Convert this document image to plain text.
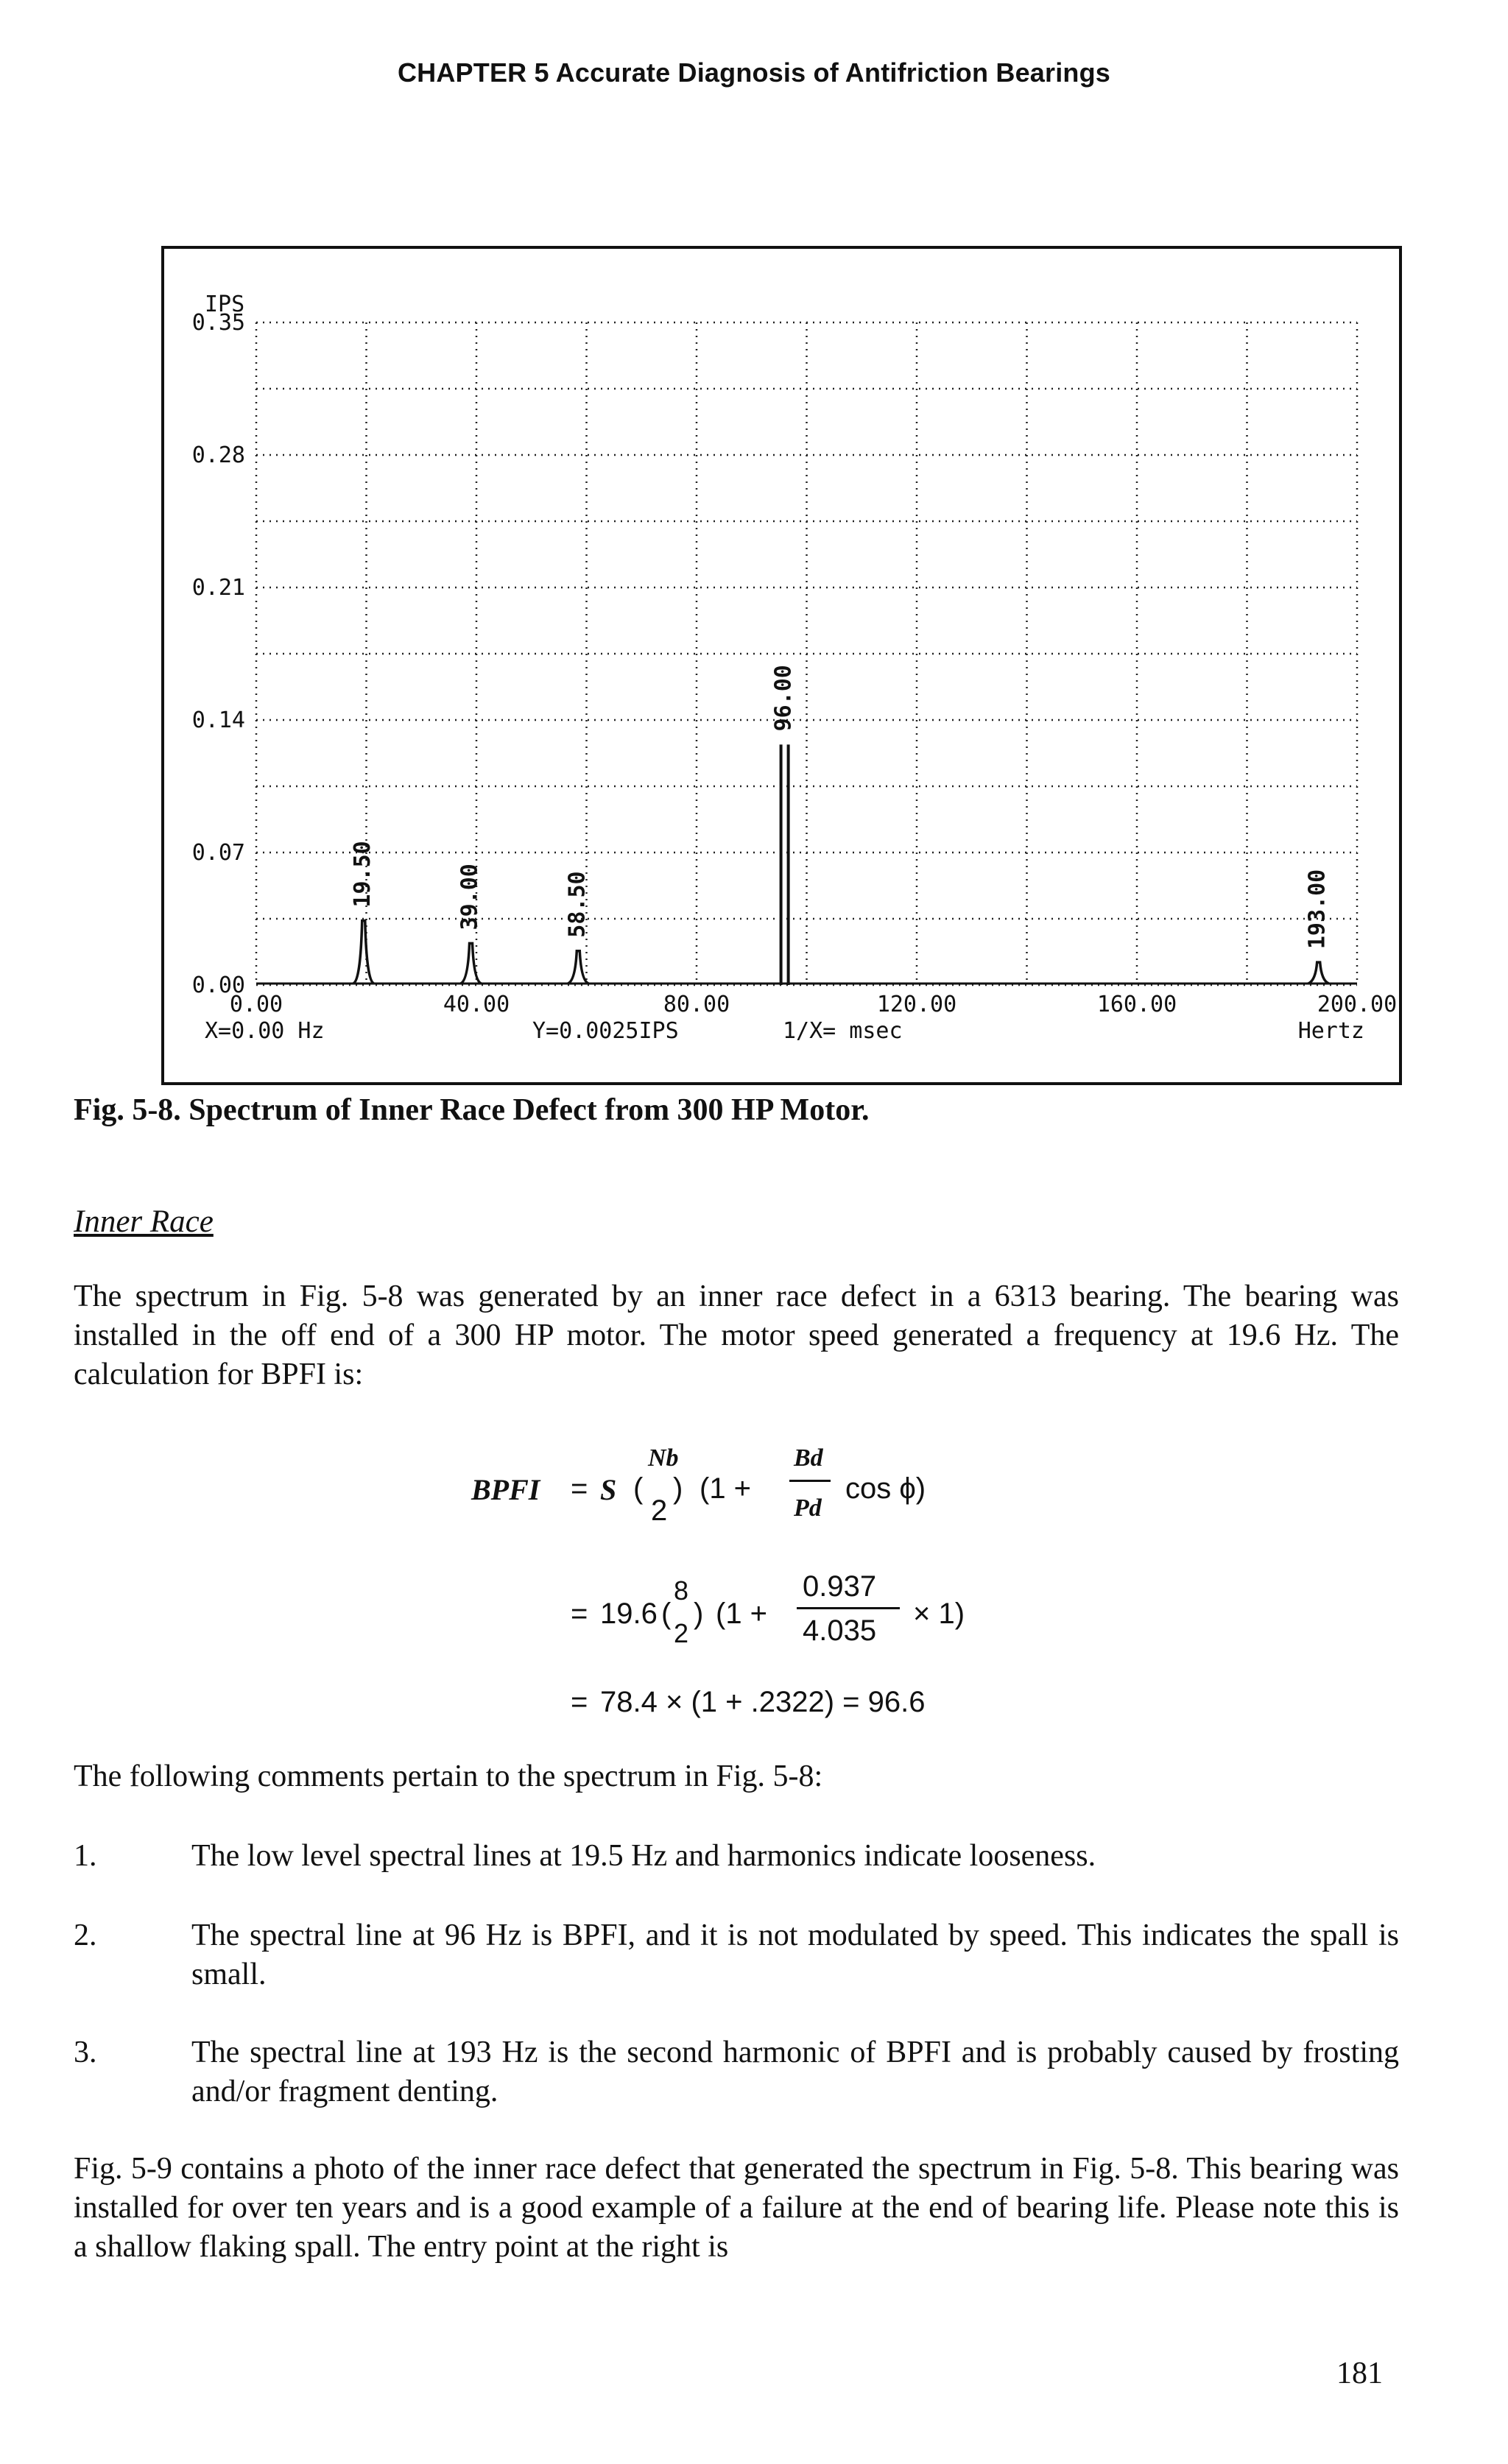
CHAPTER 5 Accurate Diagnosis of Antifriction Bearings
IPS
0.35
0.28
0.21
0.14
0.07
0.00
0.00	40.00	80.00	120.00	160.00	200.00
19.50	39.00	58.50
96.00
193.00
X=0.00 Hz	Y=0.0025IPS	1/X= msec	Hertz
Fig. 5-8. Spectrum of Inner Race Defect from 300 HP Motor.
Inner Race
The spectrum in Fig. 5-8 was generated by an inner race defect in a 6313 bearing. The bearing was installed in the off end of a 300 HP motor. The motor speed generated a frequency at 19.6 Hz. The calculation for BPFI is:
BPFI = S (
Nb
2
) (1 +
Bd
Pd
cos ϕ)
= 19.6 (
8
2
) (1 +
0.937
4.035
× 1)
= 78.4 × (1 + .2322) = 96.6
The following comments pertain to the spectrum in Fig. 5-8:
1.	The low level spectral lines at 19.5 Hz and harmonics indicate looseness.
2.	The spectral line at 96 Hz is BPFI, and it is not modulated by speed. This indicates the spall is small.
3.	The spectral line at 193 Hz is the second harmonic of BPFI and is probably caused by frosting and/or fragment denting.
Fig. 5-9 contains a photo of the inner race defect that generated the spectrum in Fig. 5-8. This bearing was installed for over ten years and is a good example of a failure at the end of bearing life. Please note this is a shallow flaking spall. The entry point at the right is
181
